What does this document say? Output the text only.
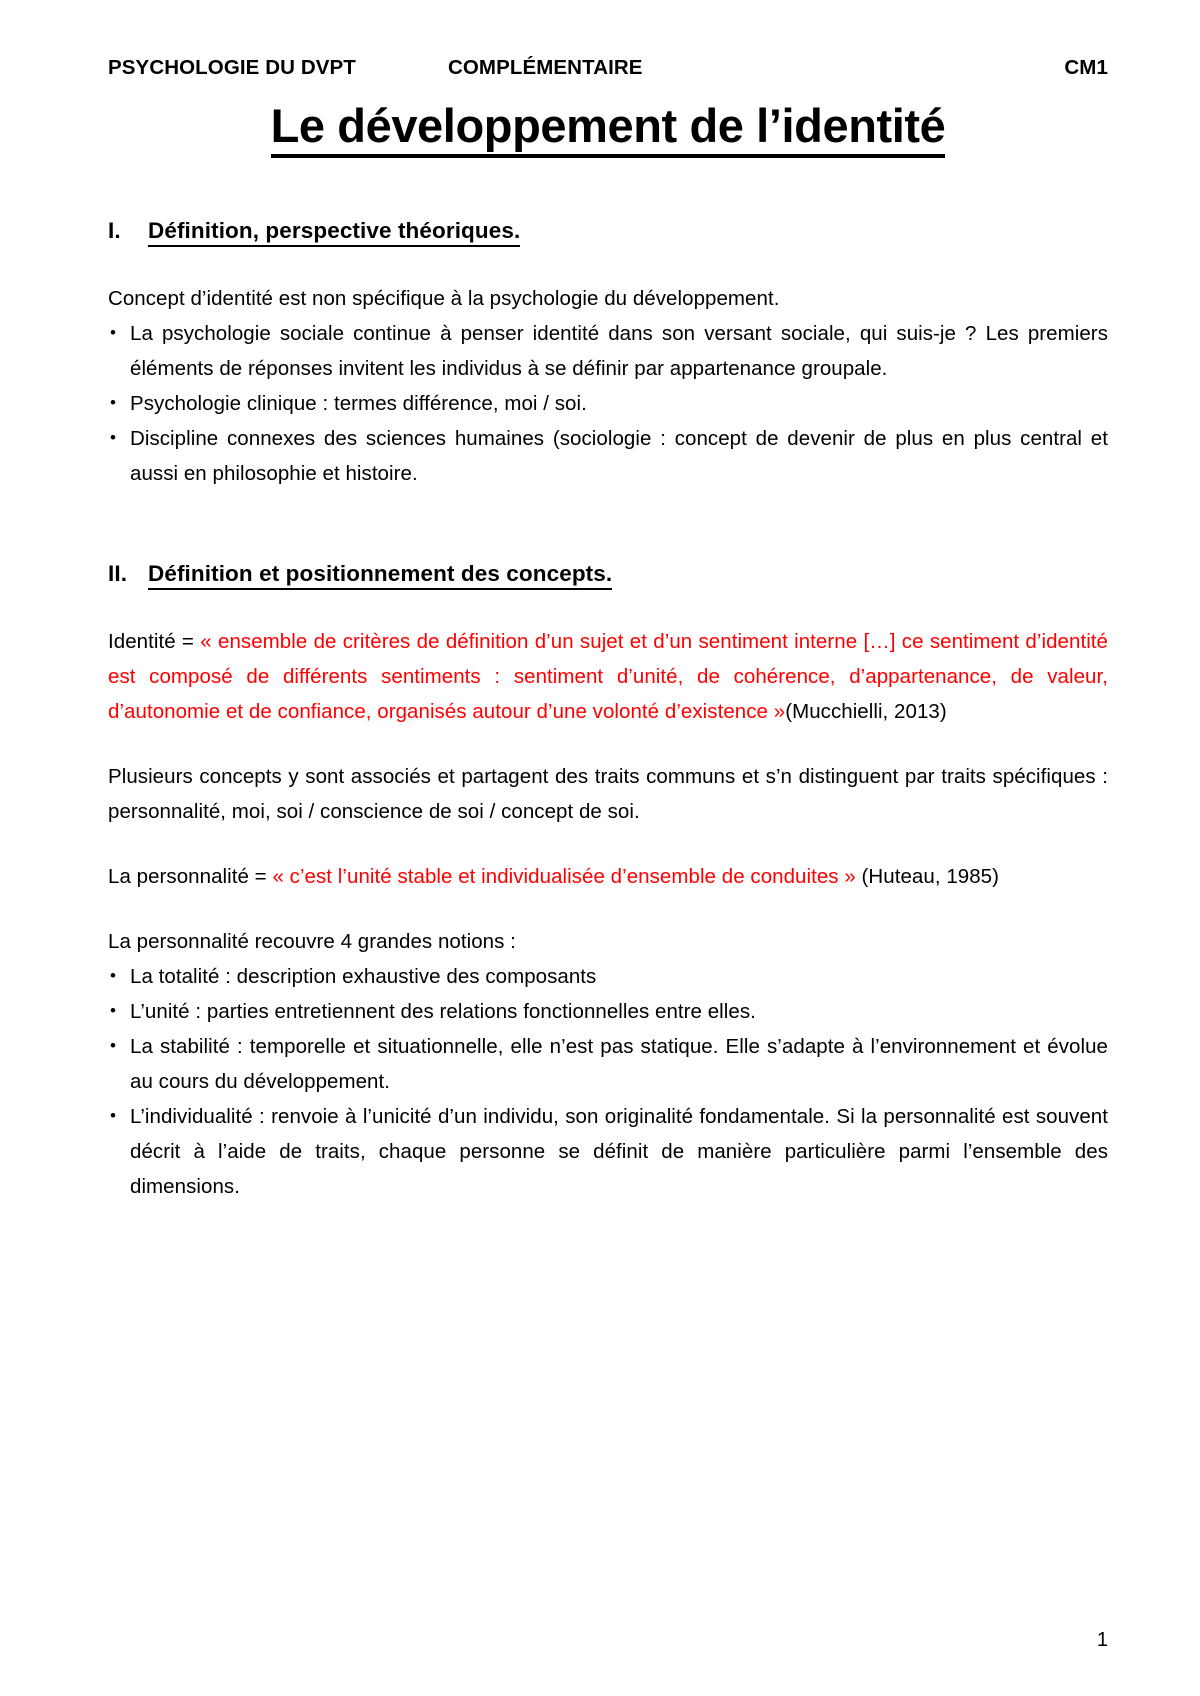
PSYCHOLOGIE DU DVPT	COMPLÉMENTAIRE	CM1
Le développement de l’identité
I.	Définition, perspective théoriques.

Concept d’identité est non spécifique à la psychologie du développement.

• La psychologie sociale continue à penser identité dans son versant sociale, qui suis-je ? Les premiers éléments de réponses invitent les individus à se définir par appartenance groupale.
• Psychologie clinique : termes différence, moi / soi.
• Discipline connexes des sciences humaines (sociologie : concept de devenir de plus en plus central et aussi en philosophie et histoire.
II. Définition et positionnement des concepts.

Identité = « ensemble de critères de définition d’un sujet et d’un sentiment interne […] ce sentiment d’identité est composé de différents sentiments : sentiment d’unité, de cohérence, d’appartenance, de valeur, d’autonomie et de confiance, organisés autour d’une volonté d’existence »(Mucchielli, 2013)

Plusieurs concepts y sont associés et partagent des traits communs et s’n distinguent par traits spécifiques : personnalité, moi, soi / conscience de soi / concept de soi.

La personnalité = « c’est l’unité stable et individualisée d’ensemble de conduites » (Huteau, 1985)

La personnalité recouvre 4 grandes notions :

• La totalité : description exhaustive des composants
• L’unité : parties entretiennent des relations fonctionnelles entre elles.
• La stabilité : temporelle et situationnelle, elle n’est pas statique. Elle s’adapte à l’environnement et évolue au cours du développement.
• L’individualité : renvoie à l’unicité d’un individu, son originalité fondamentale. Si la personnalité est souvent décrit à l’aide de traits, chaque personne se définit de manière particulière parmi l’ensemble des dimensions.
1
